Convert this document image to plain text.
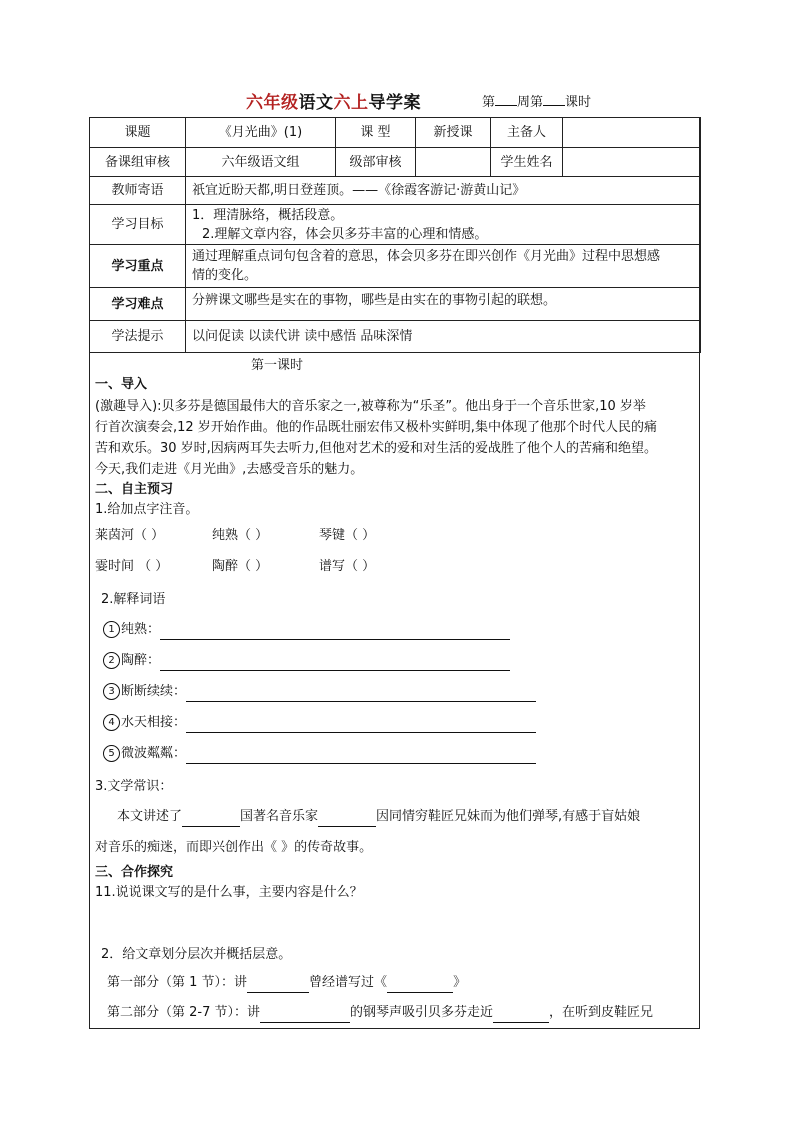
六年级语文六上导学案	第 周第 课时
课题	《月光曲》(1)	课 型	新授课	主备人	
备课组审核	六年级语文组	级部审核		学生姓名	
教师寄语	祇宜近盼天都,明日登莲顶。——《徐霞客游记·游黄山记》				
学习目标	1．理清脉络，概括段意。
2.理解文章内容，体会贝多芬丰富的心理和情感。				

学习重点	通过理解重点词句包含着的意思，体会贝多芬在即兴创作《月光曲》过程中思想感
情的变化。				

学习难点	分辨课文哪些是实在的事物，哪些是由实在的事物引起的联想。				
学法提示	以问促读 以读代讲 读中感悟 品味深情				
第一课时
一、导入
(激趣导入):贝多芬是德国最伟大的音乐家之一,被尊称为“乐圣”。他出身于一个音乐世家,10 岁举
行首次演奏会,12 岁开始作曲。他的作品既壮丽宏伟又极朴实鲜明,集中体现了他那个时代人民的痛
苦和欢乐。30 岁时,因病两耳失去听力,但他对艺术的爱和对生活的爱战胜了他个人的苦痛和绝望。
今天,我们走进《月光曲》,去感受音乐的魅力。
二、自主预习
1.给加点字注音。
莱茵河（ ）	纯熟（ ）	琴键（ ）
霎时间 （ ）	陶醉（ ）	谱写（ ）
2.解释词语
1 纯熟：
2 陶醉：
3 断断续续：
4 水天相接：
5 微波粼粼：
3.文学常识：
本文讲述了	国著名音乐家	因同情穷鞋匠兄妹而为他们弹琴,有感于盲姑娘
对音乐的痴迷，而即兴创作出《 》的传奇故事。
三、合作探究
11.说说课文写的是什么事，主要内容是什么？
2．给文章划分层次并概括层意。
第一部分（第 1 节）：讲	曾经谱写过《	》
第二部分（第 2-7 节）：讲	的钢琴声吸引贝多芬走近	，在听到皮鞋匠兄
